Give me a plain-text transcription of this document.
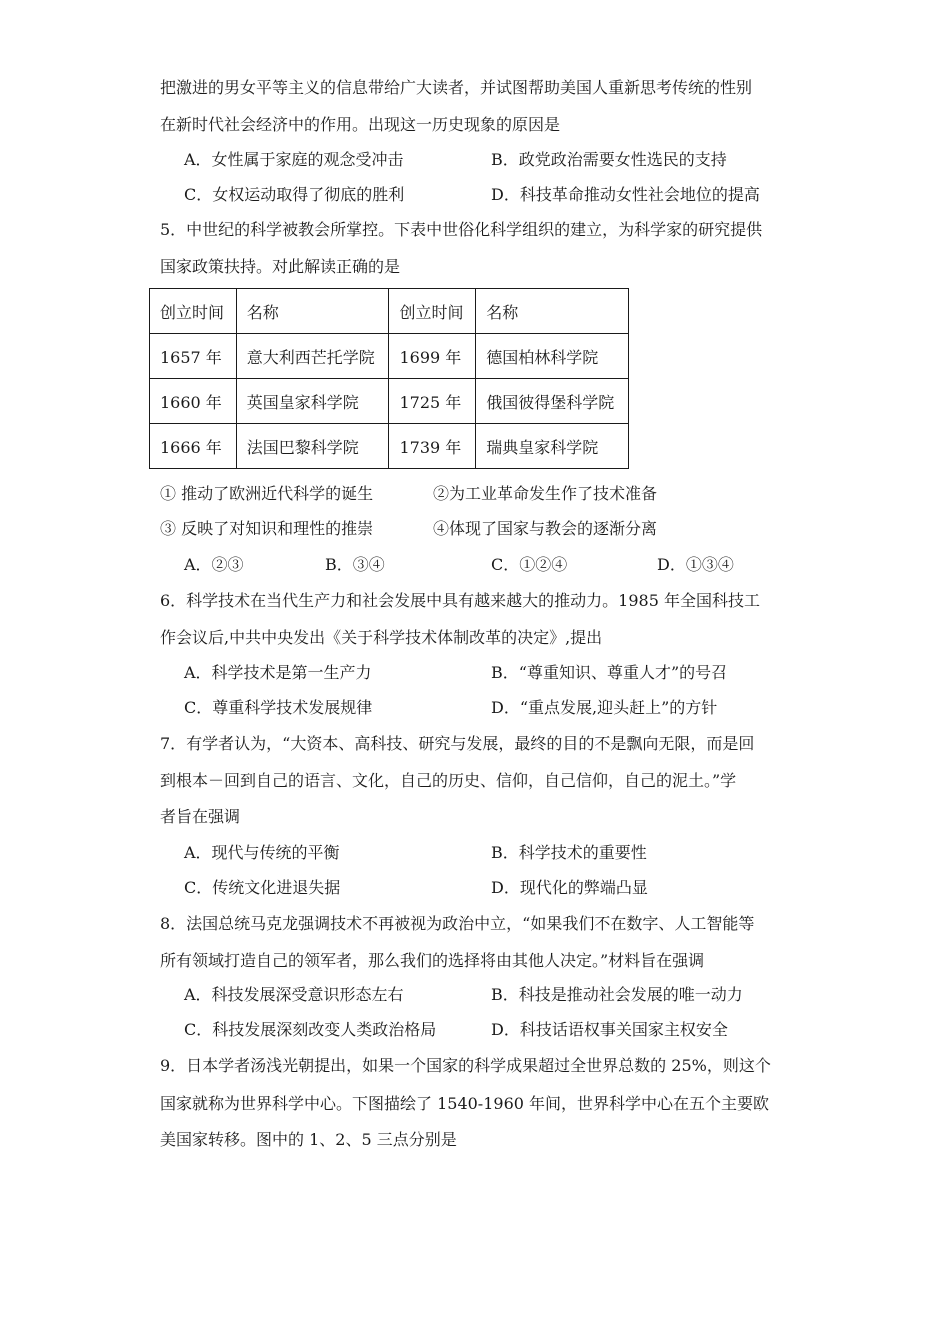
把激进的男女平等主义的信息带给广大读者，并试图帮助美国人重新思考传统的性别
在新时代社会经济中的作用。出现这一历史现象的原因是
A．女性属于家庭的观念受冲击	B．政党政治需要女性选民的支持
C．女权运动取得了彻底的胜利	D．科技革命推动女性社会地位的提高
5．中世纪的科学被教会所掌控。下表中世俗化科学组织的建立，为科学家的研究提供
国家政策扶持。对此解读正确的是
创立时间	名称	创立时间	名称
1657 年	意大利西芒托学院	1699 年	德国柏林科学院
1660 年	英国皇家科学院	1725 年	俄国彼得堡科学院
1666 年	法国巴黎科学院	1739 年	瑞典皇家科学院
① 推动了欧洲近代科学的诞生	②为工业革命发生作了技术准备
③ 反映了对知识和理性的推崇	④体现了国家与教会的逐渐分离
A．②③	B．③④	C．①②④	D．①③④
6．科学技术在当代生产力和社会发展中具有越来越大的推动力。1985 年全国科技工
作会议后,中共中央发出《关于科学技术体制改革的决定》,提出
A．科学技术是第一生产力	B．“尊重知识、尊重人才”的号召
C．尊重科学技术发展规律	D．“重点发展,迎头赶上”的方针
7．有学者认为，“大资本、高科技、研究与发展，最终的目的不是飘向无限，而是回
到根本－回到自己的语言、文化，自己的历史、信仰，自己信仰，自己的泥土。”学
者旨在强调
A．现代与传统的平衡	B．科学技术的重要性
C．传统文化进退失据	D．现代化的弊端凸显
8．法国总统马克龙强调技术不再被视为政治中立，“如果我们不在数字、人工智能等
所有领域打造自己的领军者，那么我们的选择将由其他人决定。”材料旨在强调
A．科技发展深受意识形态左右	B．科技是推动社会发展的唯一动力
C．科技发展深刻改变人类政治格局	D．科技话语权事关国家主权安全
9．日本学者汤浅光朝提出，如果一个国家的科学成果超过全世界总数的 25%，则这个
国家就称为世界科学中心。下图描绘了 1540-1960 年间，世界科学中心在五个主要欧
美国家转移。图中的 1、2、5 三点分别是
